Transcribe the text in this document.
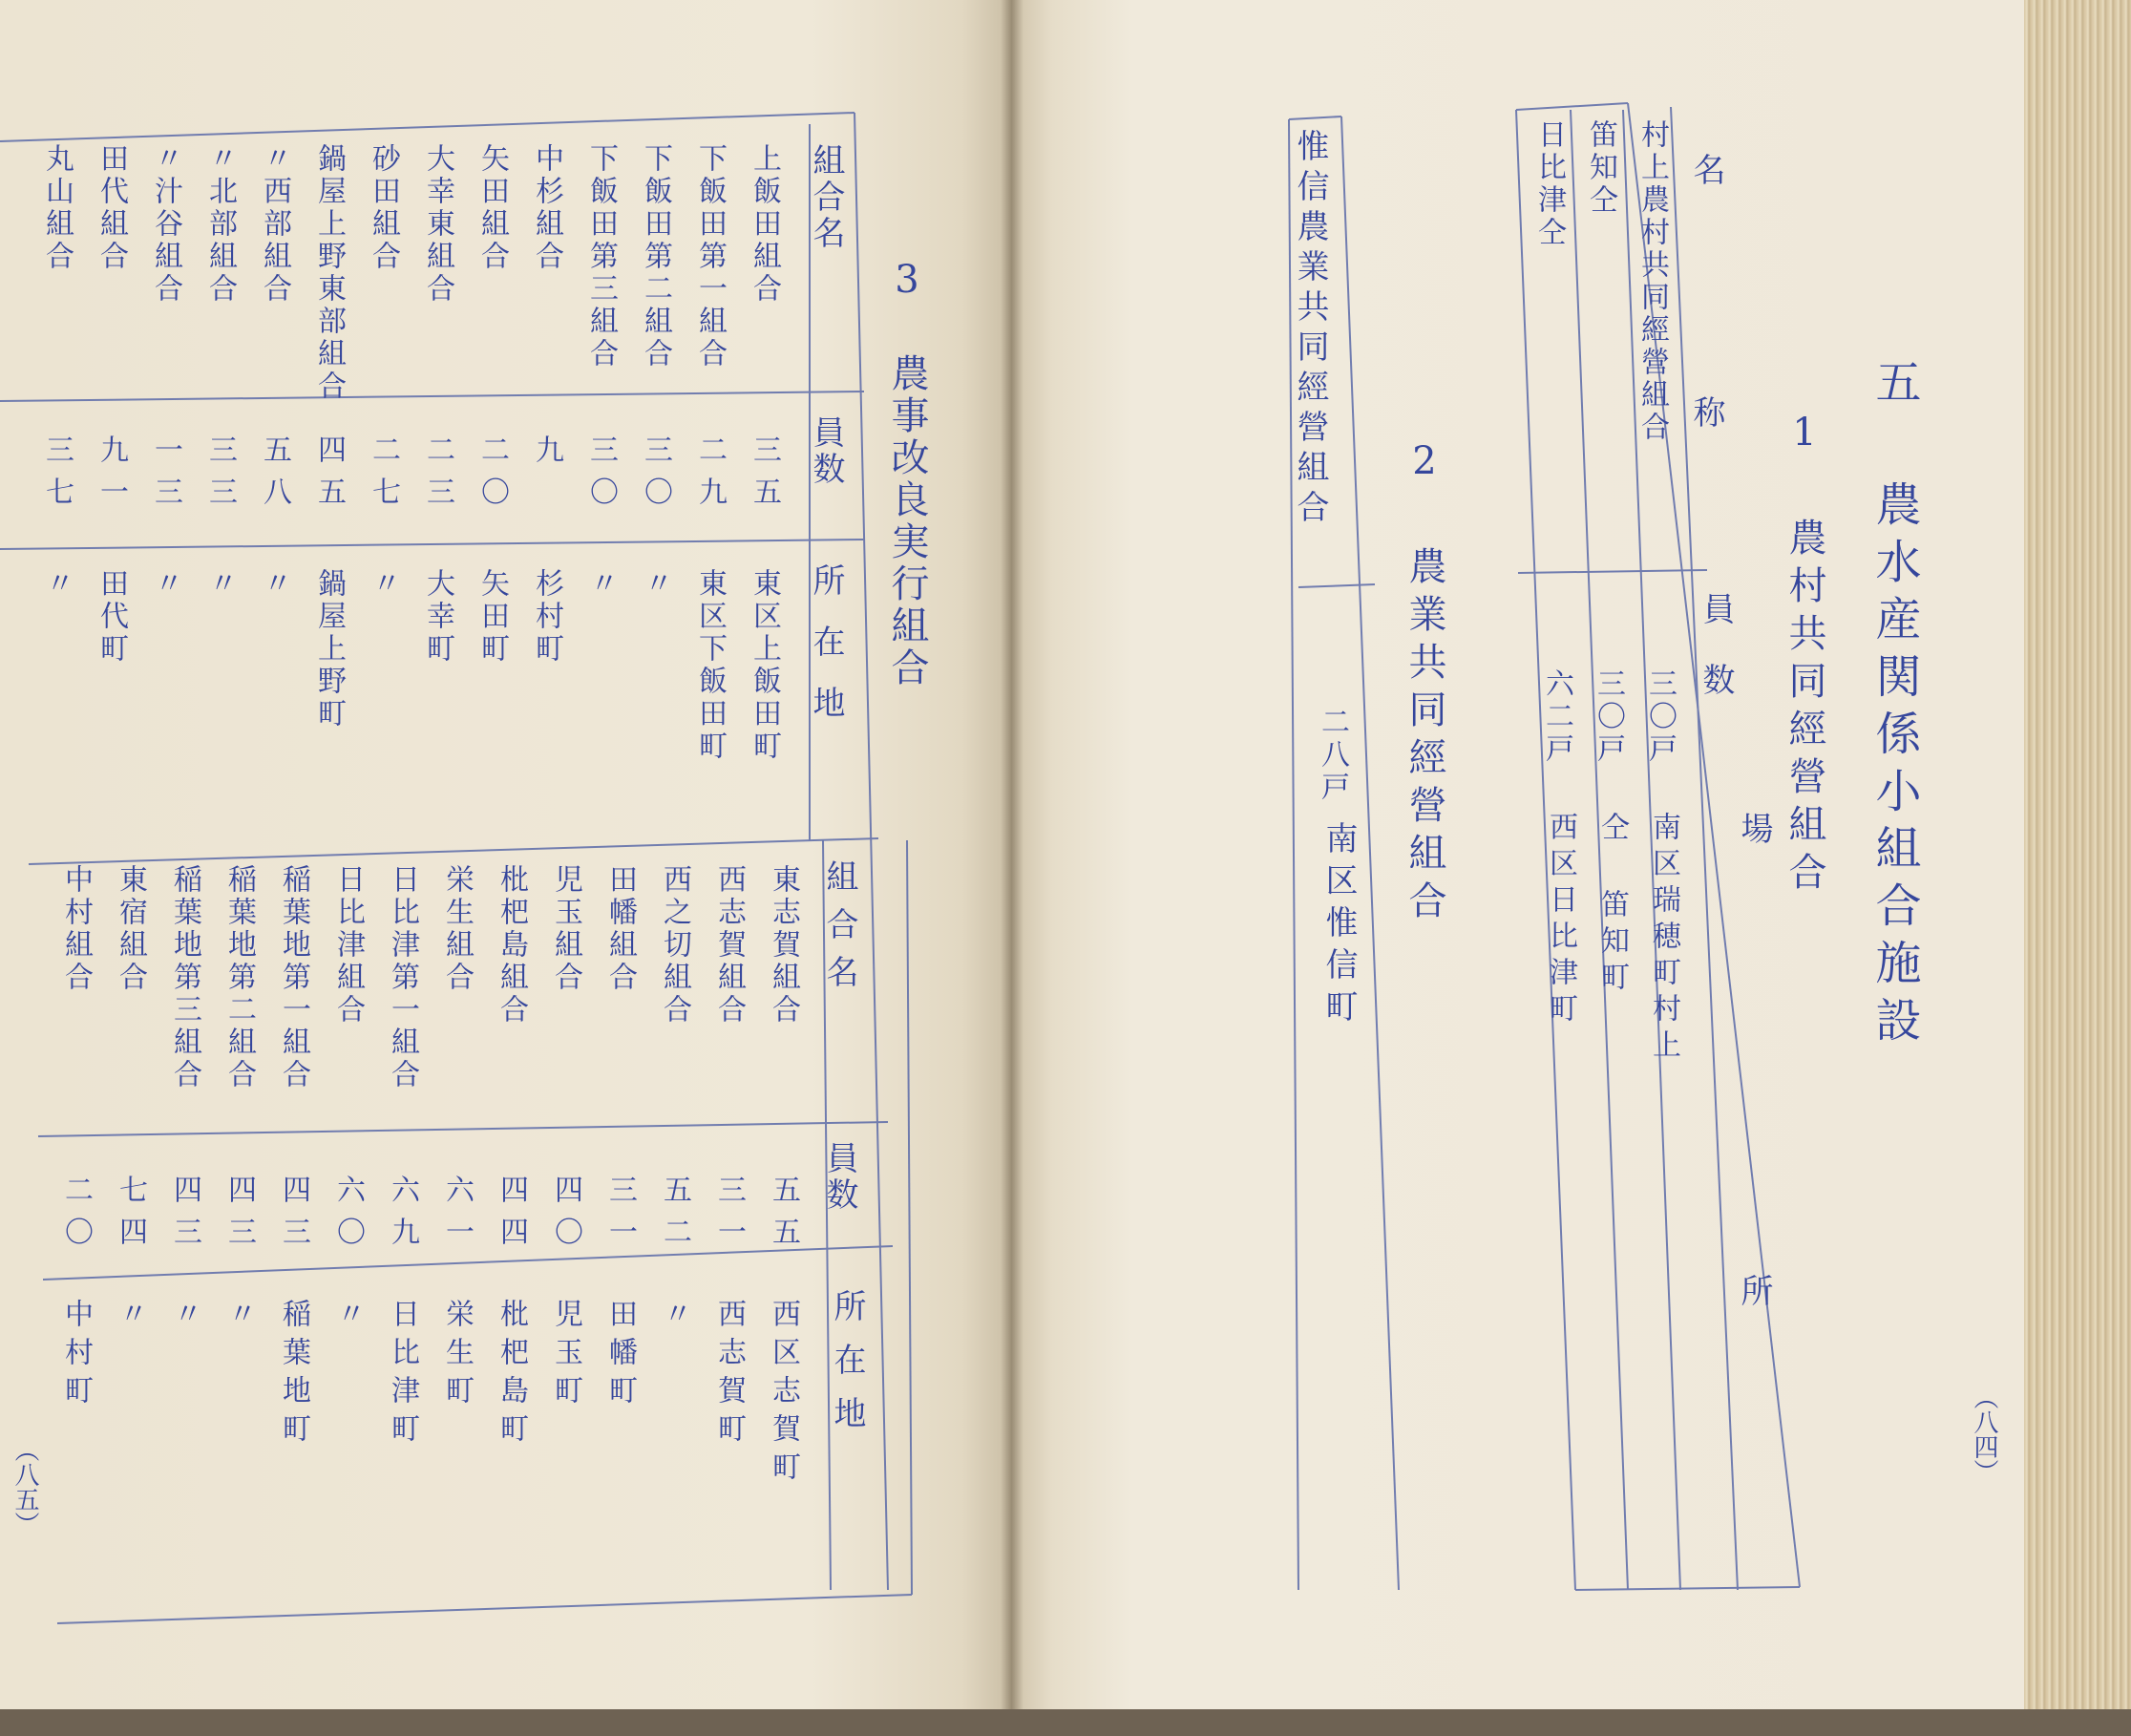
3 農事改良実行組合
組合名
員数
所在地
上飯田組合
三五
東区上飯田町
下飯田第一組合
二九
東区下飯田町
下飯田第二組合
三〇
〃
下飯田第三組合
三〇
〃
中杉組合
九
杉村町
矢田組合
二〇
矢田町
大幸東組合
二三
大幸町
砂田組合
二七
〃
鍋屋上野東部組合
四五
鍋屋上野町
〃西部組合
五八
〃
〃北部組合
三三
〃
〃汁谷組合
一三
〃
田代組合
九一
田代町
丸山組合
三七
〃
組合名
員数
所在地
東志賀組合
五五
西区志賀町
西志賀組合
三一
西志賀町
西之切組合
五二
〃
田幡組合
三一
田幡町
児玉組合
四〇
児玉町
枇杷島組合
四四
枇杷島町
栄生組合
六一
栄生町
日比津第一組合
六九
日比津町
日比津組合
六〇
〃
稲葉地第一組合
四三
稲葉地町
稲葉地第二組合
四三
〃
稲葉地第三組合
四三
〃
東宿組合
七四
〃
中村組合
二〇
中村町
（八五）
五 農水産関係小組合施設
1 農村共同經營組合
名称
員数
場所
村上農村共同經營組合
三〇戸
南区瑞穂町村上
笛知仝
三〇戸
仝 笛知町
日比津仝
六二戸
西区日比津町
2 農業共同經營組合
惟信農業共同經營組合
二八戸
南区惟信町
（八四）
